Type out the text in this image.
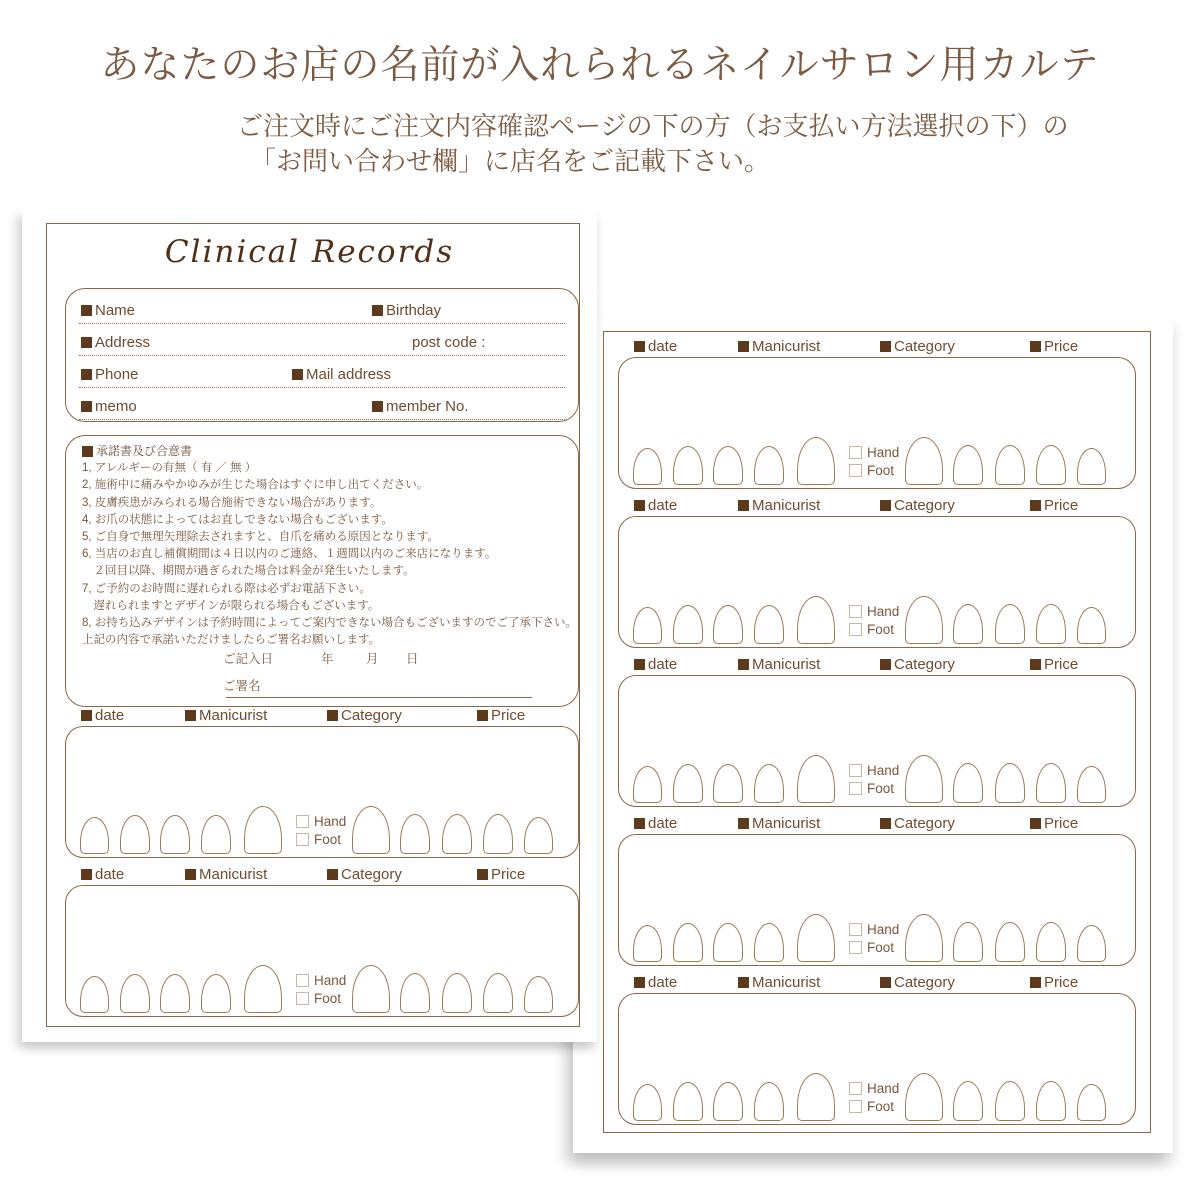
あなたのお店の名前が入れられるネイルサロン用カルテ
ご注文時にご注文内容確認ページの下の方（お支払い方法選択の下）の
「お問い合わせ欄」に店名をご記載下さい。
Clinical Records
Name	Birthday
Address	post code :
Phone	Mail address
memo	member No.
承諾書及び合意書
1, アレルギーの有無（ 有 ／ 無 ）
2, 施術中に痛みやかゆみが生じた場合はすぐに申し出てください。
3, 皮膚疾患がみられる場合施術できない場合があります。
4, お爪の状態によってはお直しできない場合もございます。
5, ご自身で無理矢理除去されますと、自爪を痛める原因となります。
6, 当店のお直し補償期間は４日以内のご連絡、１週間以内のご来店になります。
　２回目以降、期間が過ぎられた場合は料金が発生いたします。
7, ご予約のお時間に遅れられる際は必ずお電話下さい。
　遅れられますとデザインが限られる場合もございます。
8, お持ち込みデザインは予約時間によってご案内できない場合もございますのでご了承下さい。
上記の内容で承諾いただけましたらご署名お願いします。
ご記入日	年	月 日
ご署名
date	Manicurist	Category	Price
Hand
Foot
date	Manicurist	Category	Price
Hand
Foot
date	Manicurist	Category	Price
Hand
Foot
date	Manicurist	Category	Price
Hand
Foot
date	Manicurist	Category	Price
Hand
Foot
date	Manicurist	Category	Price
Hand
Foot
date	Manicurist	Category	Price
Hand
Foot
